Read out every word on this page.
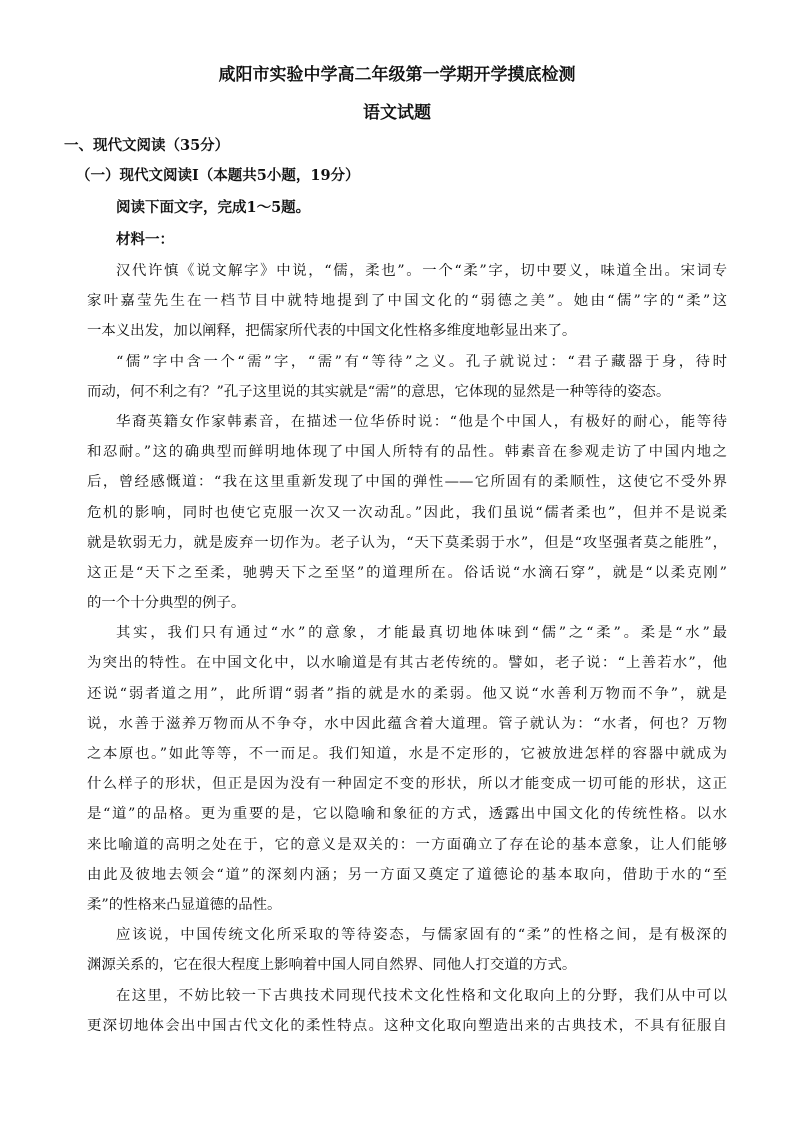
咸阳市实验中学高二年级第一学期开学摸底检测
语文试题
一、现代文阅读（35分）
（一）现代文阅读Ⅰ（本题共5小题，19分）
阅读下面文字，完成1～5题。
材料一：
汉代许慎《说文解字》中说，“儒，柔也”。一个“柔”字，切中要义，味道全出。宋词专
家叶嘉莹先生在一档节目中就特地提到了中国文化的“弱德之美”。她由“儒”字的“柔”这
一本义出发，加以阐释，把儒家所代表的中国文化性格多维度地彰显出来了。
“儒”字中含一个“需”字，“需”有“等待”之义。孔子就说过：“君子藏器于身，待时
而动，何不利之有？”孔子这里说的其实就是“需”的意思，它体现的显然是一种等待的姿态。
华裔英籍女作家韩素音，在描述一位华侨时说：“他是个中国人，有极好的耐心，能等待
和忍耐。”这的确典型而鲜明地体现了中国人所特有的品性。韩素音在参观走访了中国内地之
后，曾经感慨道：“我在这里重新发现了中国的弹性——它所固有的柔顺性，这使它不受外界
危机的影响，同时也使它克服一次又一次动乱。”因此，我们虽说“儒者柔也”，但并不是说柔
就是软弱无力，就是废弃一切作为。老子认为，“天下莫柔弱于水”，但是“攻坚强者莫之能胜”，
这正是“天下之至柔，驰骋天下之至坚”的道理所在。俗话说“水滴石穿”，就是“以柔克刚”
的一个十分典型的例子。
其实，我们只有通过“水”的意象，才能最真切地体味到“儒”之“柔”。柔是“水”最
为突出的特性。在中国文化中，以水喻道是有其古老传统的。譬如，老子说：“上善若水”，他
还说“弱者道之用”，此所谓“弱者”指的就是水的柔弱。他又说“水善利万物而不争”，就是
说，水善于滋养万物而从不争夺，水中因此蕴含着大道理。管子就认为：“水者，何也？万物
之本原也。”如此等等，不一而足。我们知道，水是不定形的，它被放进怎样的容器中就成为
什么样子的形状，但正是因为没有一种固定不变的形状，所以才能变成一切可能的形状，这正
是“道”的品格。更为重要的是，它以隐喻和象征的方式，透露出中国文化的传统性格。以水
来比喻道的高明之处在于，它的意义是双关的：一方面确立了存在论的基本意象，让人们能够
由此及彼地去领会“道”的深刻内涵；另一方面又奠定了道德论的基本取向，借助于水的“至
柔”的性格来凸显道德的品性。
应该说，中国传统文化所采取的等待姿态，与儒家固有的“柔”的性格之间，是有极深的
渊源关系的，它在很大程度上影响着中国人同自然界、同他人打交道的方式。
在这里，不妨比较一下古典技术同现代技术文化性格和文化取向上的分野，我们从中可以
更深切地体会出中国古代文化的柔性特点。这种文化取向塑造出来的古典技术，不具有征服自
